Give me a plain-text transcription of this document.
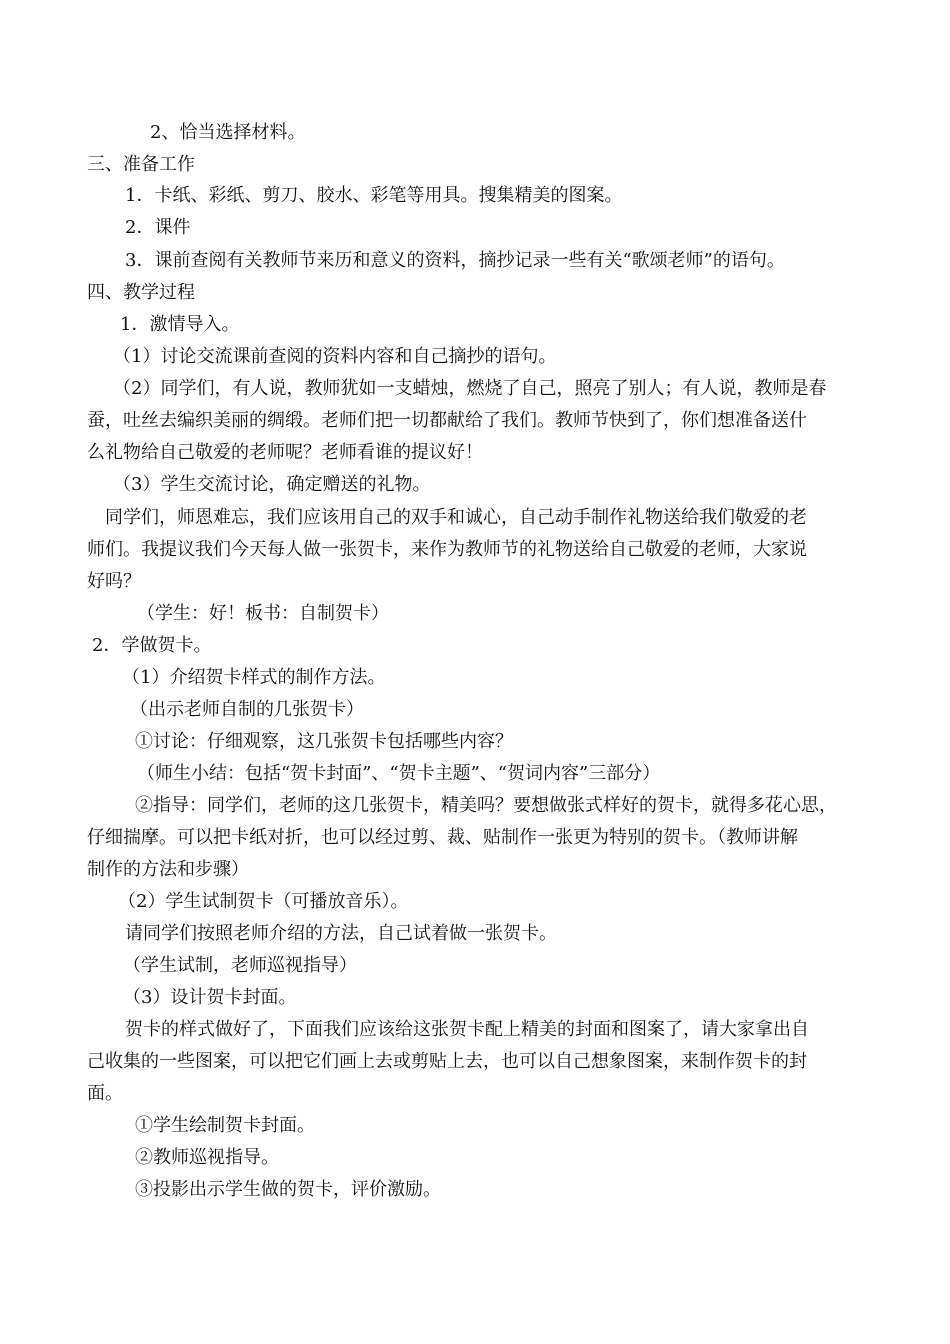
2、恰当选择材料。
三、准备工作
1．卡纸、彩纸、剪刀、胶水、彩笔等用具。搜集精美的图案。
2．课件
3．课前查阅有关教师节来历和意义的资料，摘抄记录一些有关“歌颂老师”的语句。
四、教学过程
1．激情导入。
（1）讨论交流课前查阅的资料内容和自己摘抄的语句。
（2）同学们，有人说，教师犹如一支蜡烛，燃烧了自己，照亮了别人；有人说，教师是春
蚕，吐丝去编织美丽的绸缎。老师们把一切都献给了我们。教师节快到了，你们想准备送什
么礼物给自己敬爱的老师呢？老师看谁的提议好！
（3）学生交流讨论，确定赠送的礼物。
同学们，师恩难忘，我们应该用自己的双手和诚心，自己动手制作礼物送给我们敬爱的老
师们。我提议我们今天每人做一张贺卡，来作为教师节的礼物送给自己敬爱的老师，大家说
好吗？
（学生：好！板书：自制贺卡）
2．学做贺卡。
（1）介绍贺卡样式的制作方法。
（出示老师自制的几张贺卡）
①讨论：仔细观察，这几张贺卡包括哪些内容？
（师生小结：包括“贺卡封面”、“贺卡主题”、“贺词内容”三部分）
②指导：同学们，老师的这几张贺卡，精美吗？要想做张式样好的贺卡，就得多花心思，
仔细揣摩。可以把卡纸对折，也可以经过剪、裁、贴制作一张更为特别的贺卡。（教师讲解
制作的方法和步骤）
（2）学生试制贺卡（可播放音乐）。
请同学们按照老师介绍的方法，自己试着做一张贺卡。
（学生试制，老师巡视指导）
（3）设计贺卡封面。
贺卡的样式做好了，下面我们应该给这张贺卡配上精美的封面和图案了，请大家拿出自
己收集的一些图案，可以把它们画上去或剪贴上去，也可以自己想象图案，来制作贺卡的封
面。
①学生绘制贺卡封面。
②教师巡视指导。
③投影出示学生做的贺卡，评价激励。
